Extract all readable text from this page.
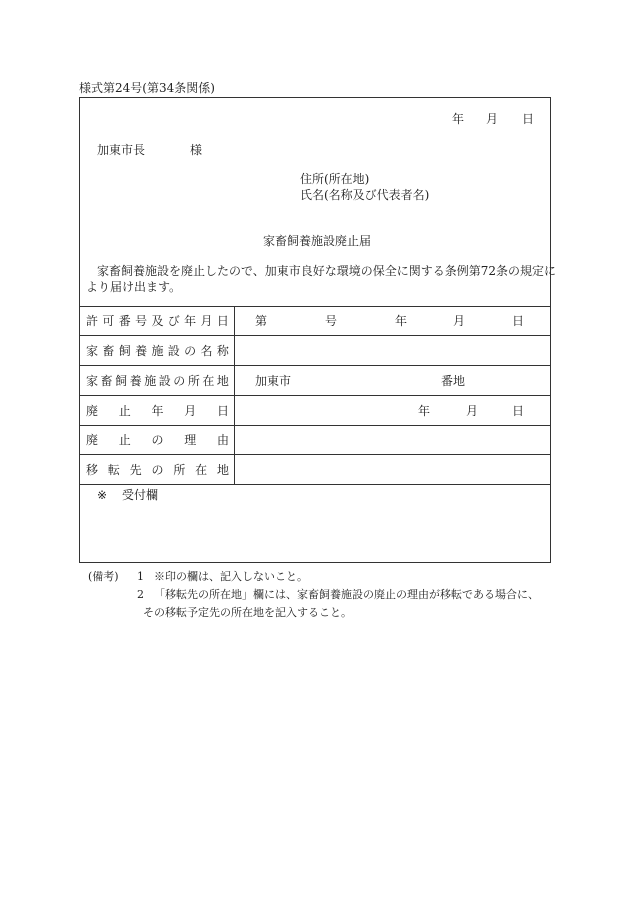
様式第24号(第34条関係)
年 月 日
加東市長	様
住所(所在地)
氏名(名称及び代表者名)
家畜飼養施設廃止届
家畜飼養施設を廃止したので、加東市良好な環境の保全に関する条例第72条の規定に
より届け出ます。
許 可 番 号 及 び 年 月 日 第	号	年	月	日
家 畜 飼 養 施 設 の 名 称
家 畜 飼 養 施 設 の 所 在 地 加東市	番地
廃 止 年 月 日	年	月	日
廃 止 の 理 由
移 転 先 の 所 在 地
※ 受付欄
(備考) 1 ※印の欄は、記入しないこと。
2 「移転先の所在地」欄には、家畜飼養施設の廃止の理由が移転である場合に、
その移転予定先の所在地を記入すること。
